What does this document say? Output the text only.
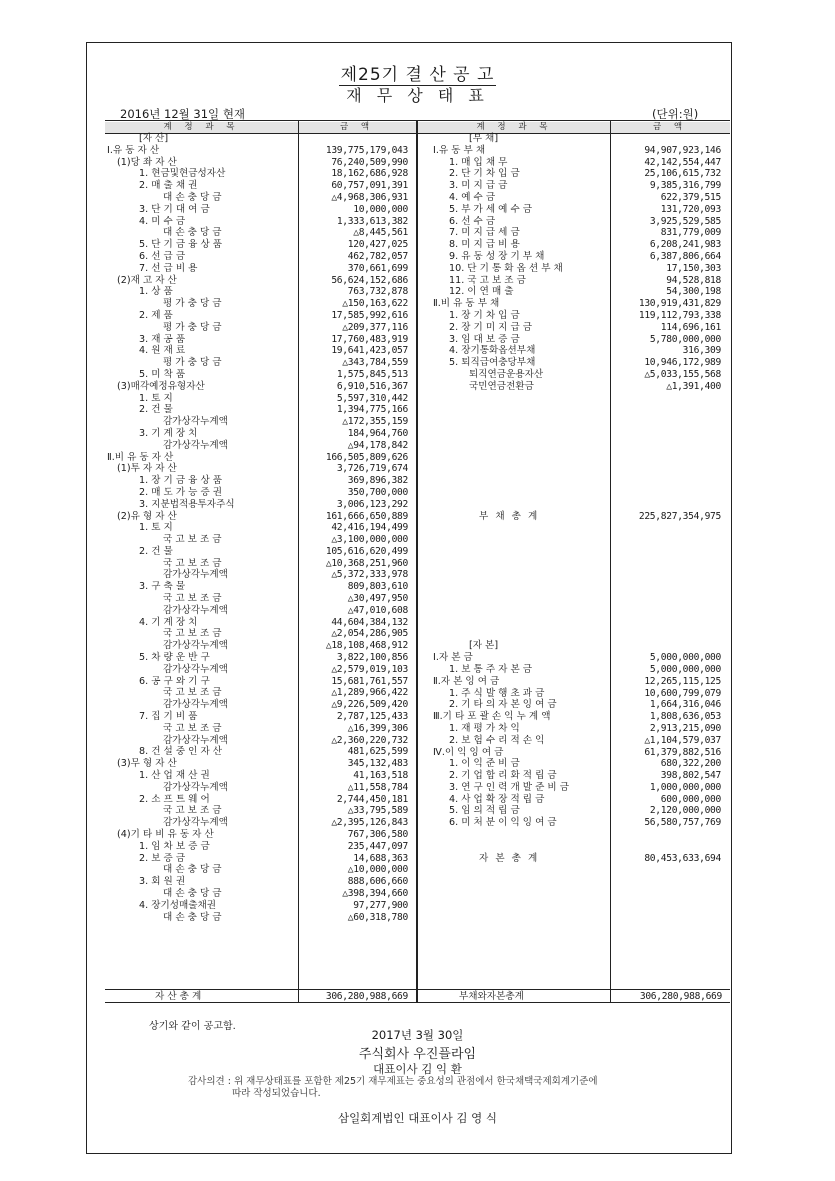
제25기 결 산 공 고
재 무 상 태 표
2016년 12월 31일 현재	(단위:원)
계 정 과 목	금 액	계 정 과 목	금 액
[자 산]
Ⅰ.유 동 자 산	139,775,179,043
(1)당 좌 자 산	76,240,509,990
1. 현금및현금성자산	18,162,686,928
2. 매 출 채 권	60,757,091,391
대 손 충 당 금	△4,968,306,931
3. 단 기 대 여 금	10,000,000
4. 미 수 금	1,333,613,382
대 손 충 당 금	△8,445,561
5. 단 기 금 융 상 품	120,427,025
6. 선 급 금	462,782,057
7. 선 급 비 용	370,661,699
(2)재 고 자 산	56,624,152,686
1. 상 품	763,732,878
평 가 충 당 금	△150,163,622
2. 제 품	17,585,992,616
평 가 충 당 금	△209,377,116
3. 재 공 품	17,760,483,919
4. 원 재 료	19,641,423,057
평 가 충 당 금	△343,784,559
5. 미 착 품	1,575,845,513
(3)매각예정유형자산	6,910,516,367
1. 토 지	5,597,310,442
2. 건 물	1,394,775,166
감가상각누계액	△172,355,159
3. 기 계 장 치	184,964,760
감가상각누계액	△94,178,842
Ⅱ.비 유 동 자 산	166,505,809,626
(1)투 자 자 산	3,726,719,674
1. 장 기 금 융 상 품	369,896,382
2. 매 도 가 능 증 권	350,700,000
3. 지분법적용투자주식	3,006,123,292
(2)유 형 자 산	161,666,650,889
1. 토 지	42,416,194,499
국 고 보 조 금	△3,100,000,000
2. 건 물	105,616,620,499
국 고 보 조 금	△10,368,251,960
감가상각누계액	△5,372,333,978
3. 구 축 물	809,803,610
국 고 보 조 금	△30,497,950
감가상각누계액	△47,010,608
4. 기 계 장 치	44,604,384,132
국 고 보 조 금	△2,054,286,905
감가상각누계액	△18,108,468,912
5. 차 량 운 반 구	3,822,100,856
감가상각누계액	△2,579,019,103
6. 공 구 와 기 구	15,681,761,557
국 고 보 조 금	△1,289,966,422
감가상각누계액	△9,226,509,420
7. 집 기 비 품	2,787,125,433
국 고 보 조 금	△16,399,306
감가상각누계액	△2,360,220,732
8. 건 설 중 인 자 산	481,625,599
(3)무 형 자 산	345,132,483
1. 산 업 재 산 권	41,163,518
감가상각누계액	△11,558,784
2. 소 프 트 웨 어	2,744,450,181
국 고 보 조 금	△33,795,589
감가상각누계액	△2,395,126,843
(4)기 타 비 유 동 자 산	767,306,580
1. 임 차 보 증 금	235,447,097
2. 보 증 금	14,688,363
대 손 충 당 금	△10,000,000
3. 회 원 권	888,606,660
대 손 충 당 금	△398,394,660
4. 장기성매출채권	97,277,900
대 손 충 당 금	△60,318,780
[부 채]
Ⅰ.유 동 부 채	94,907,923,146
1. 매 입 채 무	42,142,554,447
2. 단 기 차 입 금	25,106,615,732
3. 미 지 급 금	9,385,316,799
4. 예 수 금	622,379,515
5. 부 가 세 예 수 금	131,720,093
6. 선 수 금	3,925,529,585
7. 미 지 급 세 금	831,779,009
8. 미 지 급 비 용	6,208,241,983
9. 유 동 성 장 기 부 채	6,387,806,664
10. 단 기 통 화 옵 션 부 채	17,150,303
11. 국 고 보 조 금	94,528,818
12. 이 연 매 출	54,300,198
Ⅱ.비 유 동 부 채	130,919,431,829
1. 장 기 차 입 금	119,112,793,338
2. 장 기 미 지 급 금	114,696,161
3. 임 대 보 증 금	5,780,000,000
4. 장기통화옵션부채	316,309
5. 퇴직급여충당부채	10,946,172,989
퇴직연금운용자산	△5,033,155,568
국민연금전환금	△1,391,400
부 채 총 계	225,827,354,975
[자 본]
Ⅰ.자 본 금	5,000,000,000
1. 보 통 주 자 본 금	5,000,000,000
Ⅱ.자 본 잉 여 금	12,265,115,125
1. 주 식 발 행 초 과 금	10,600,799,079
2. 기 타 의 자 본 잉 여 금	1,664,316,046
Ⅲ.기 타 포 괄 손 익 누 계 액	1,808,636,053
1. 재 평 가 차 익	2,913,215,090
2. 보 험 수 리 적 손 익	△1,104,579,037
Ⅳ.이 익 잉 여 금	61,379,882,516
1. 이 익 준 비 금	680,322,200
2. 기 업 합 리 화 적 립 금	398,802,547
3. 연 구 인 력 개 발 준 비 금	1,000,000,000
4. 사 업 확 장 적 립 금	600,000,000
5. 임 의 적 립 금	2,120,000,000
6. 미 처 분 이 익 잉 여 금	56,580,757,769
자 본 총 계	80,453,633,694
자 산 총 계	306,280,988,669	부채와자본총계	306,280,988,669
상기와 같이 공고함.
2017년 3월 30일
주식회사 우진플라임
대표이사 김 익 환
감사의견 : 위 재무상태표를 포함한 제25기 재무제표는 중요성의 관점에서 한국채택국제회계기준에
따라 작성되었습니다.
삼일회계법인 대표이사 김 영 식
